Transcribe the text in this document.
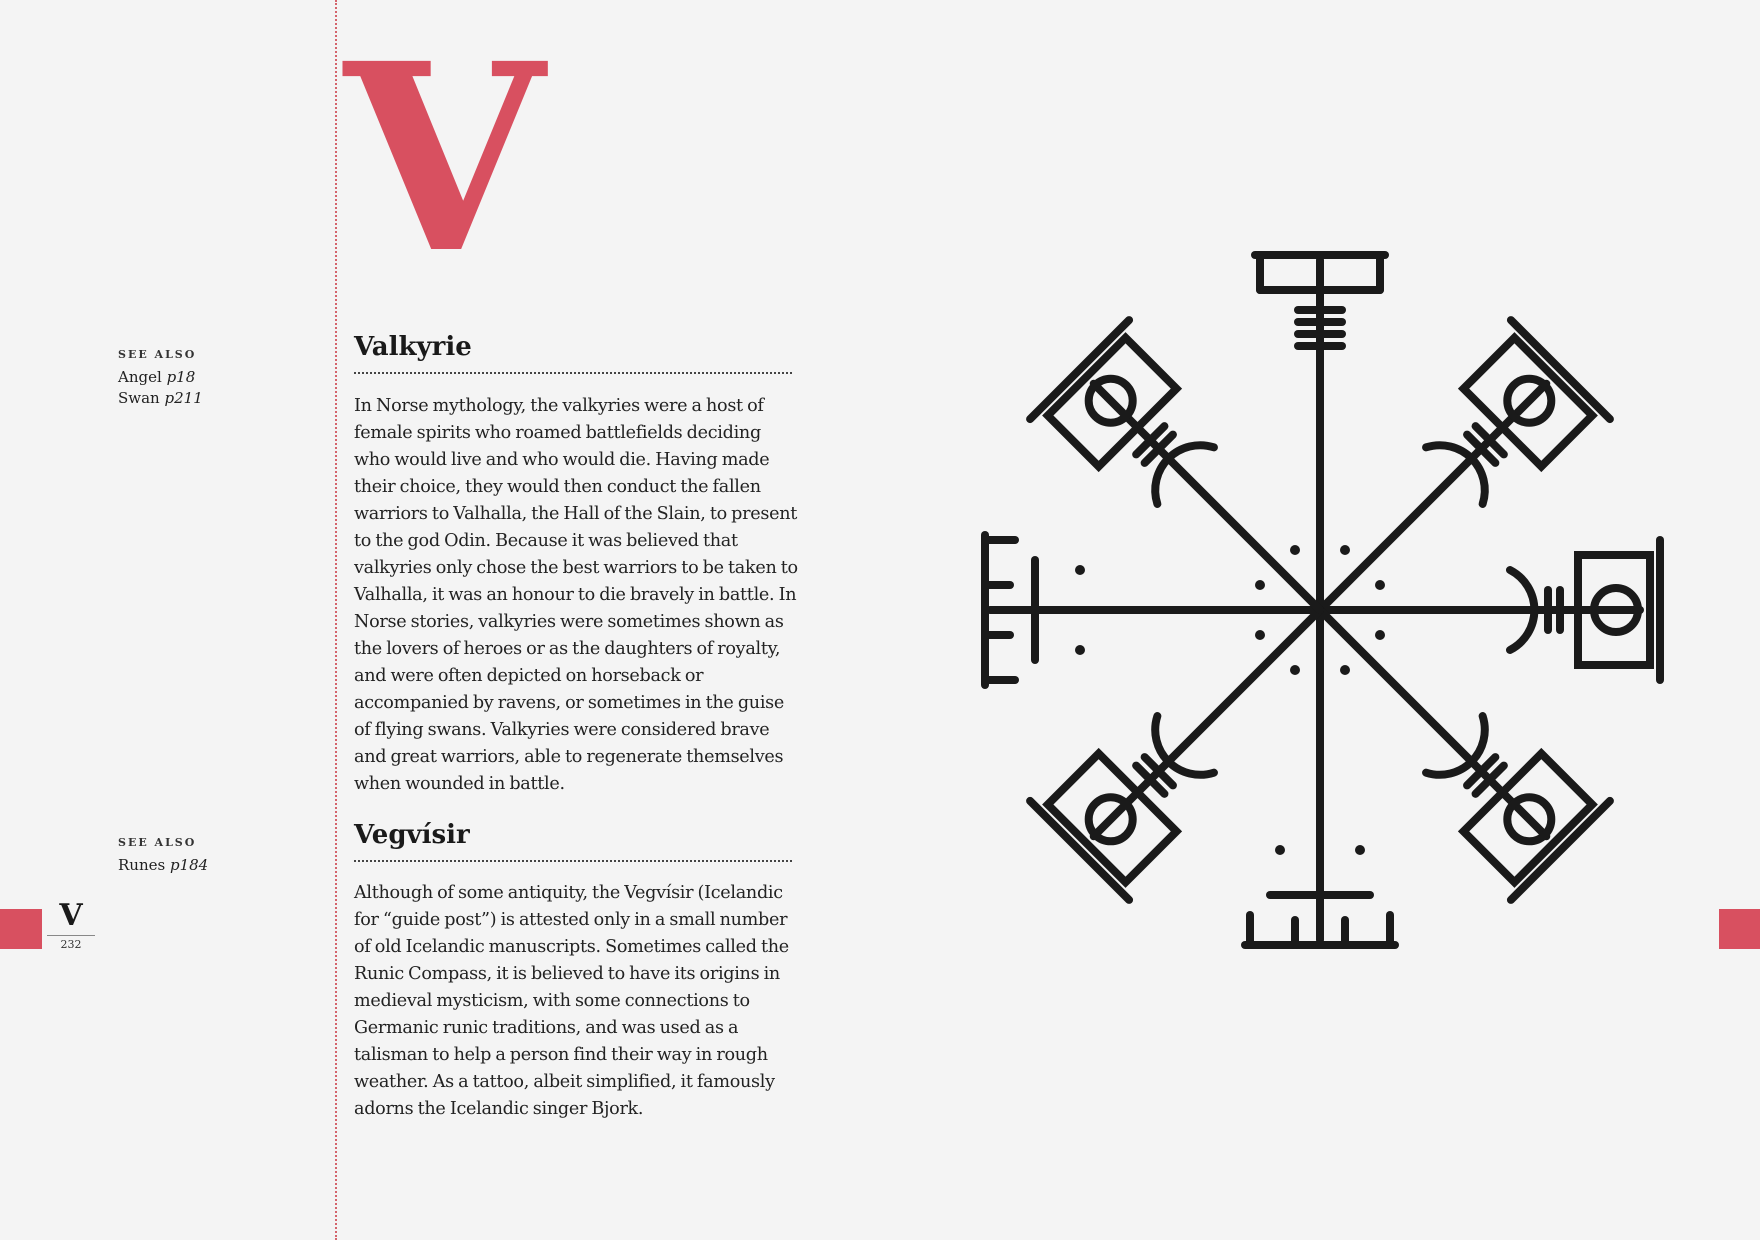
V
SEE ALSO
Angel p18
Swan p211
SEE ALSO
Runes p184
Valkyrie

In Norse mythology, the valkyries were a host of female spirits who roamed battlefields deciding who would live and who would die. Having made their choice, they would then conduct the fallen warriors to Valhalla, the Hall of the Slain, to present to the god Odin. Because it was believed that valkyries only chose the best warriors to be taken to Valhalla, it was an honour to die bravely in battle. In Norse stories, valkyries were sometimes shown as the lovers of heroes or as the daughters of royalty, and were often depicted on horseback or accompanied by ravens, or sometimes in the guise of flying swans. Valkyries were considered brave and great warriors, able to regenerate themselves when wounded in battle.

Vegvísir

Although of some antiquity, the Vegvísir (Icelandic for “guide post”) is attested only in a small number of old Icelandic manuscripts. Sometimes called the Runic Compass, it is believed to have its origins in medieval mysticism, with some connections to Germanic runic traditions, and was used as a talisman to help a person find their way in rough weather. As a tattoo, albeit simplified, it famously adorns the Icelandic singer Bjork.

V
232
